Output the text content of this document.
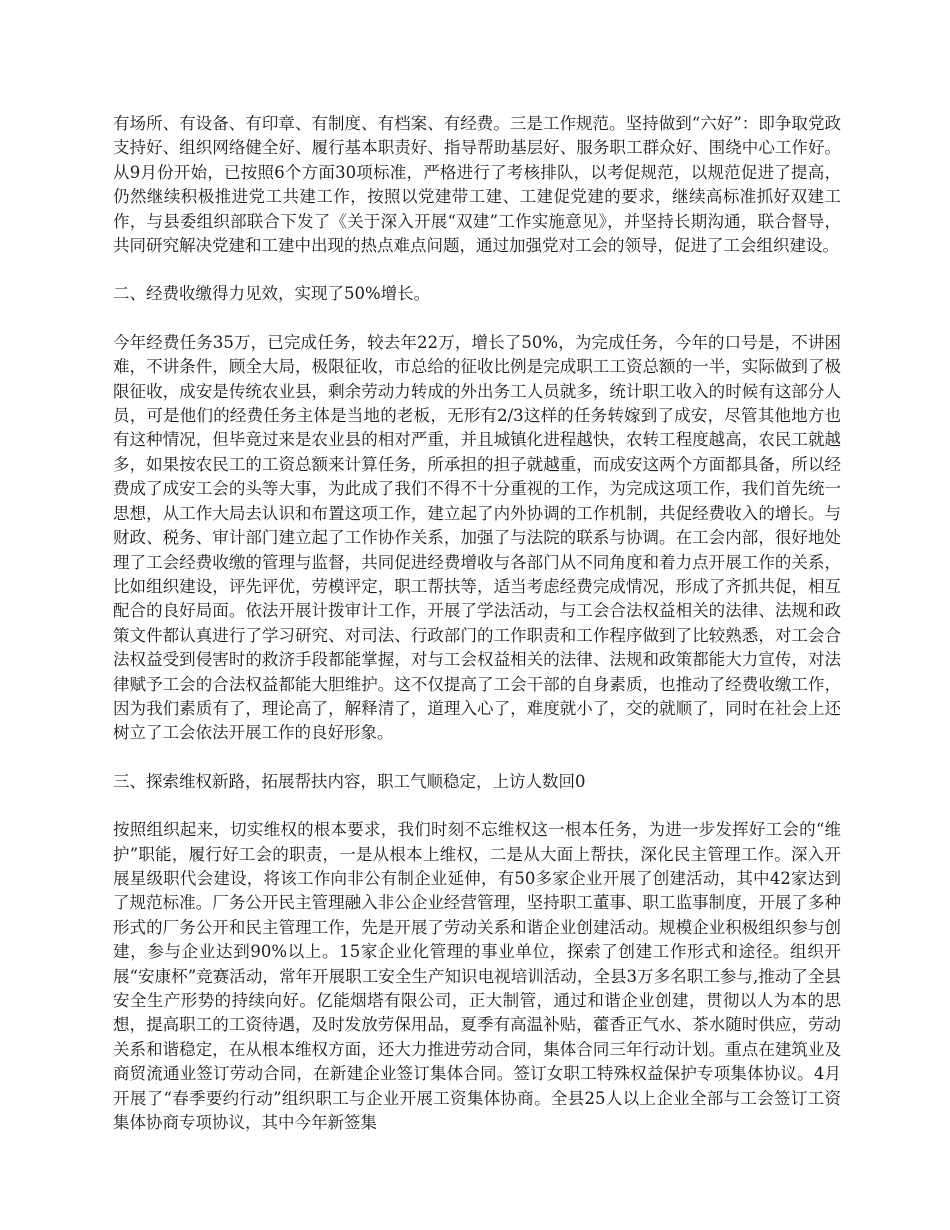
有场所、有设备、有印章、有制度、有档案、有经费。三是工作规范。坚持做到“六好”：即争取党政支持好、组织网络健全好、履行基本职责好、指导帮助基层好、服务职工群众好、围绕中心工作好。从9月份开始，已按照6个方面30项标准，严格进行了考核排队，以考促规范，以规范促进了提高，仍然继续积极推进党工共建工作，按照以党建带工建、工建促党建的要求，继续高标准抓好双建工作，与县委组织部联合下发了《关于深入开展“双建”工作实施意见》，并坚持长期沟通，联合督导，共同研究解决党建和工建中出现的热点难点问题，通过加强党对工会的领导，促进了工会组织建设。

二、经费收缴得力见效，实现了50%增长。

今年经费任务35万，已完成任务，较去年22万，增长了50%，为完成任务，今年的口号是，不讲困难，不讲条件，顾全大局，极限征收，市总给的征收比例是完成职工工资总额的一半，实际做到了极限征收，成安是传统农业县，剩余劳动力转成的外出务工人员就多，统计职工收入的时候有这部分人员，可是他们的经费任务主体是当地的老板，无形有2/3这样的任务转嫁到了成安，尽管其他地方也有这种情况，但毕竟过来是农业县的相对严重，并且城镇化进程越快，农转工程度越高，农民工就越多，如果按农民工的工资总额来计算任务，所承担的担子就越重，而成安这两个方面都具备，所以经费成了成安工会的头等大事，为此成了我们不得不十分重视的工作，为完成这项工作，我们首先统一思想，从工作大局去认识和布置这项工作，建立起了内外协调的工作机制，共促经费收入的增长。与财政、税务、审计部门建立起了工作协作关系，加强了与法院的联系与协调。在工会内部，很好地处理了工会经费收缴的管理与监督，共同促进经费增收与各部门从不同角度和着力点开展工作的关系，比如组织建设，评先评优，劳模评定，职工帮扶等，适当考虑经费完成情况，形成了齐抓共促，相互配合的良好局面。依法开展计拨审计工作，开展了学法活动，与工会合法权益相关的法律、法规和政策文件都认真进行了学习研究、对司法、行政部门的工作职责和工作程序做到了比较熟悉，对工会合法权益受到侵害时的救济手段都能掌握，对与工会权益相关的法律、法规和政策都能大力宣传，对法律赋予工会的合法权益都能大胆维护。这不仅提高了工会干部的自身素质，也推动了经费收缴工作，因为我们素质有了，理论高了，解释清了，道理入心了，难度就小了，交的就顺了，同时在社会上还树立了工会依法开展工作的良好形象。

三、探索维权新路，拓展帮扶内容，职工气顺稳定，上访人数回0

按照组织起来，切实维权的根本要求，我们时刻不忘维权这一根本任务，为进一步发挥好工会的“维护”职能，履行好工会的职责，一是从根本上维权，二是从大面上帮扶，深化民主管理工作。深入开展星级职代会建设，将该工作向非公有制企业延伸，有50多家企业开展了创建活动，其中42家达到了规范标准。厂务公开民主管理融入非公企业经营管理，坚持职工董事、职工监事制度，开展了多种形式的厂务公开和民主管理工作，先是开展了劳动关系和谐企业创建活动。规模企业积极组织参与创建，参与企业达到90%以上。15家企业化管理的事业单位，探索了创建工作形式和途径。组织开展“安康杯”竞赛活动，常年开展职工安全生产知识电视培训活动，全县3万多名职工参与,推动了全县安全生产形势的持续向好。亿能烟塔有限公司，正大制管，通过和谐企业创建，贯彻以人为本的思想，提高职工的工资待遇，及时发放劳保用品，夏季有高温补贴，藿香正气水、茶水随时供应，劳动关系和谐稳定，在从根本维权方面，还大力推进劳动合同，集体合同三年行动计划。重点在建筑业及商贸流通业签订劳动合同，在新建企业签订集体合同。签订女职工特殊权益保护专项集体协议。4月开展了“春季要约行动”组织职工与企业开展工资集体协商。全县25人以上企业全部与工会签订工资集体协商专项协议，其中今年新签集
